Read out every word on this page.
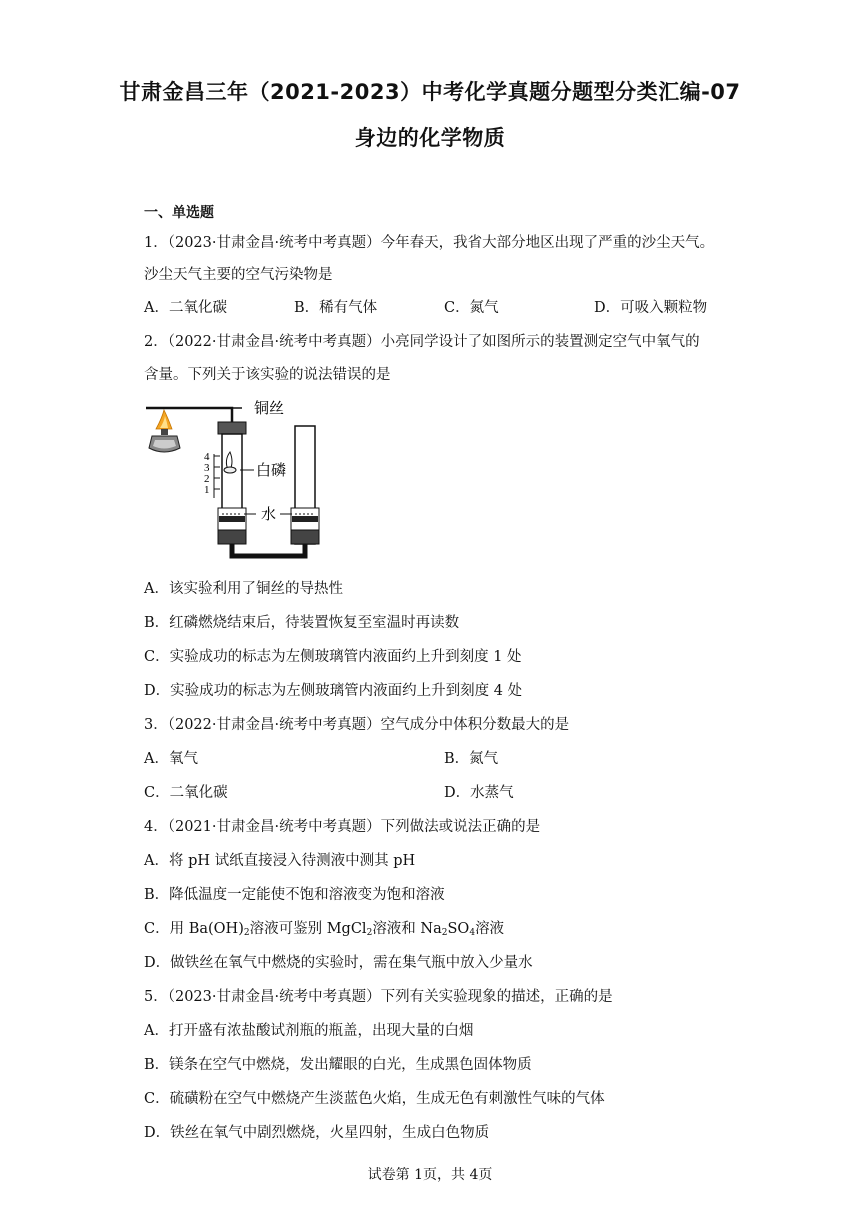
甘肃金昌三年（2021-2023）中考化学真题分题型分类汇编-07
身边的化学物质
一、单选题
1．（2023·甘肃金昌·统考中考真题）今年春天，我省大部分地区出现了严重的沙尘天气。
沙尘天气主要的空气污染物是
A．二氧化碳	B．稀有气体	C．氮气	D．可吸入颗粒物
2．（2022·甘肃金昌·统考中考真题）小亮同学设计了如图所示的装置测定空气中氧气的
含量。下列关于该实验的说法错误的是
4
3
2
1
铜丝
白磷
水
A．该实验利用了铜丝的导热性
B．红磷燃烧结束后，待装置恢复至室温时再读数
C．实验成功的标志为左侧玻璃管内液面约上升到刻度 1 处
D．实验成功的标志为左侧玻璃管内液面约上升到刻度 4 处
3．（2022·甘肃金昌·统考中考真题）空气成分中体积分数最大的是
A．氧气	B．氮气
C．二氧化碳	D．水蒸气
4．（2021·甘肃金昌·统考中考真题）下列做法或说法正确的是
A．将 pH 试纸直接浸入待测液中测其 pH
B．降低温度一定能使不饱和溶液变为饱和溶液
C．用 $Ba(OH)_2$溶液可鉴别 MgCl$_2$溶液和 $Na_2SO_4$溶液
D．做铁丝在氧气中燃烧的实验时，需在集气瓶中放入少量水
5．（2023·甘肃金昌·统考中考真题）下列有关实验现象的描述，正确的是
A．打开盛有浓盐酸试剂瓶的瓶盖，出现大量的白烟
B．镁条在空气中燃烧，发出耀眼的白光，生成黑色固体物质
C．硫磺粉在空气中燃烧产生淡蓝色火焰，生成无色有刺激性气味的气体
D．铁丝在氧气中剧烈燃烧，火星四射，生成白色物质
试卷第 1页，共 4页
